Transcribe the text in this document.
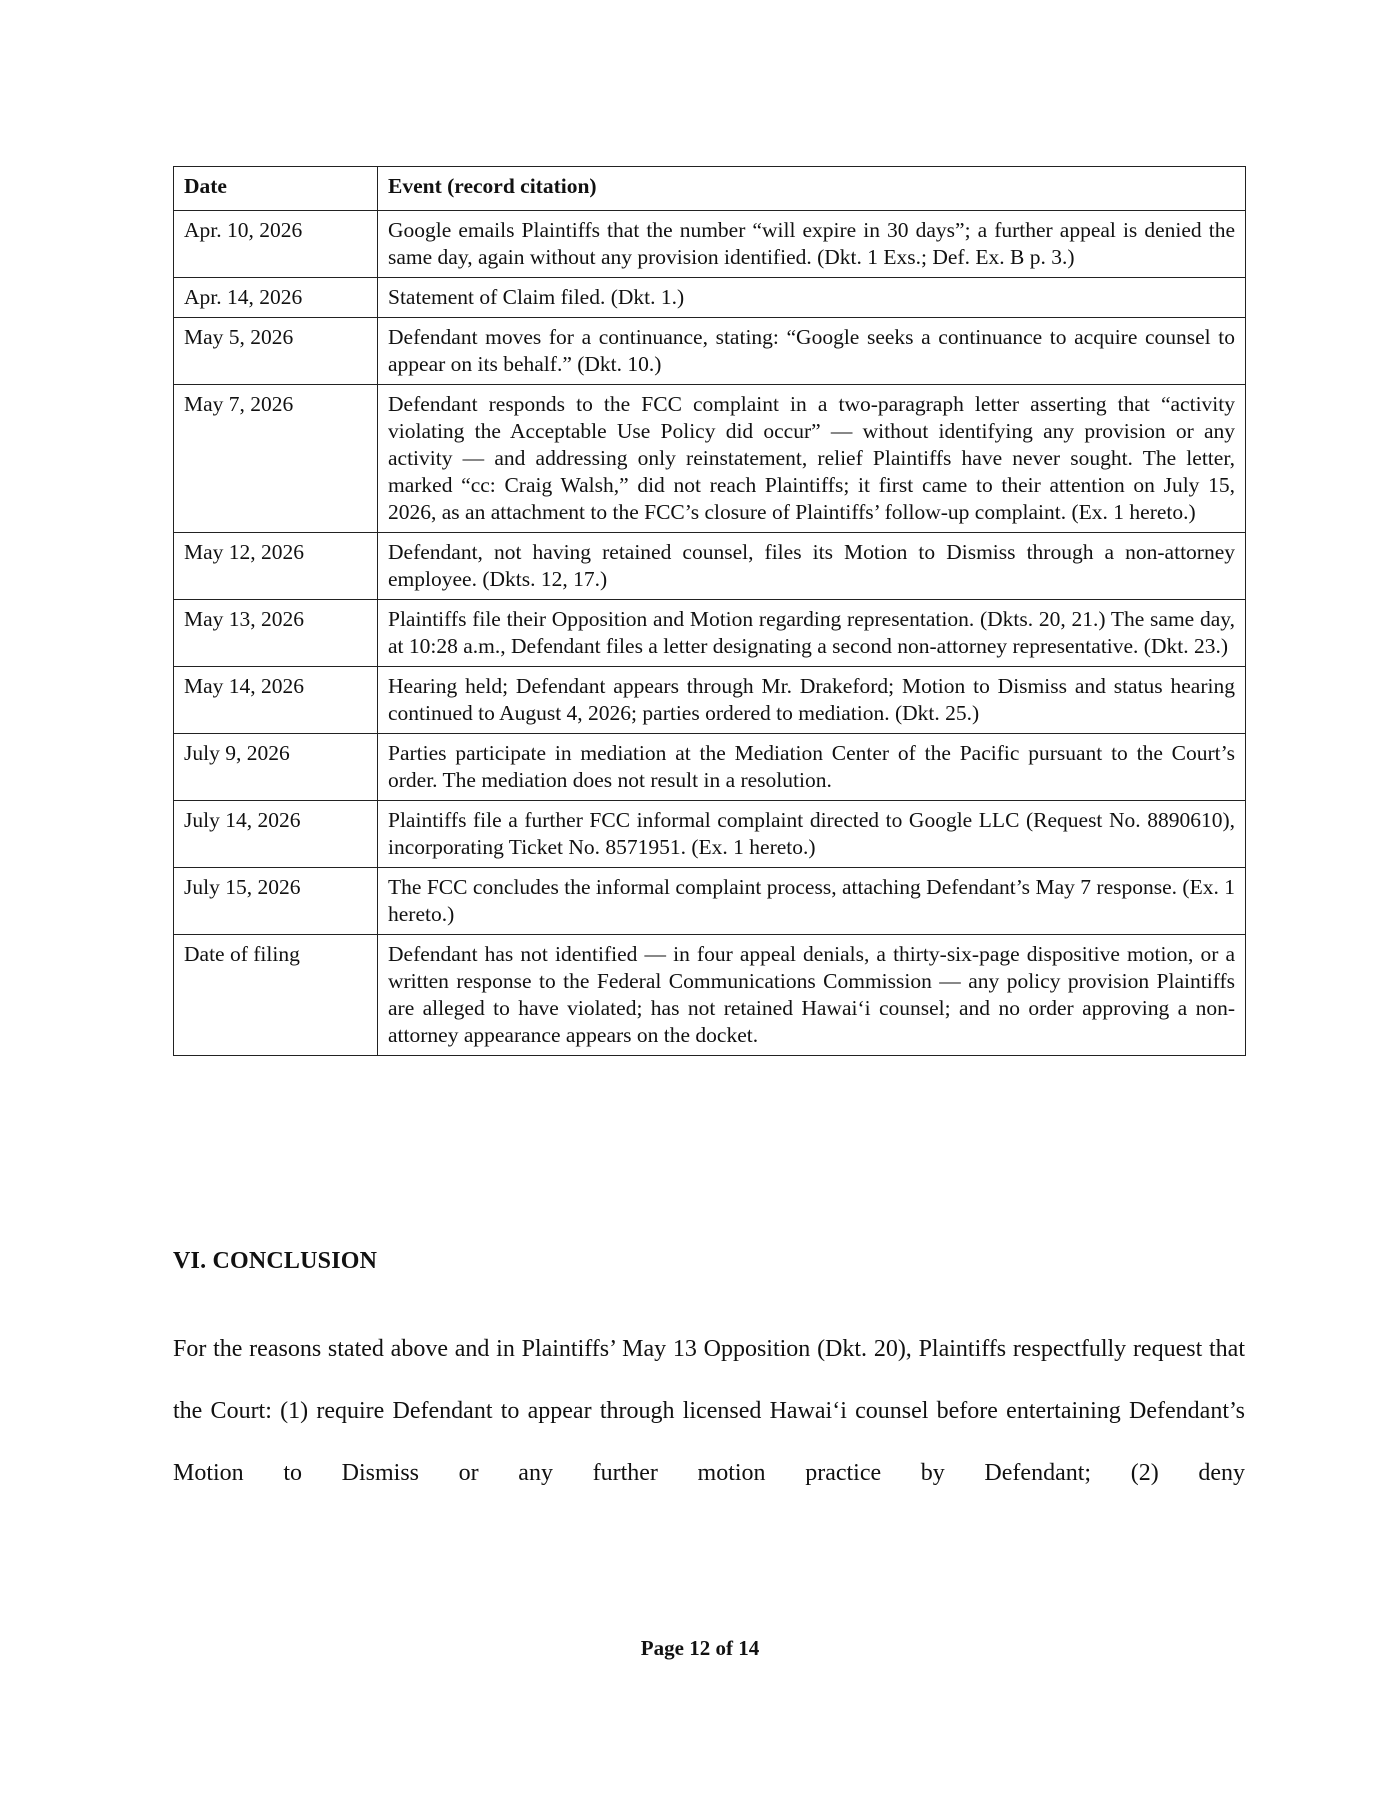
Date	Event (record citation)
Apr. 10, 2026	Google emails Plaintiffs that the number “will expire in 30 days”; a further appeal is denied the same day, again without any provision identified. (Dkt. 1 Exs.; Def. Ex. B p. 3.)
Apr. 14, 2026	Statement of Claim filed. (Dkt. 1.)
May 5, 2026	Defendant moves for a continuance, stating: “Google seeks a continuance to acquire counsel to appear on its behalf.” (Dkt. 10.)
May 7, 2026	Defendant responds to the FCC complaint in a two-paragraph letter asserting that “activity violating the Acceptable Use Policy did occur” — without identifying any provision or any activity — and addressing only reinstatement, relief Plaintiffs have never sought. The letter, marked “cc: Craig Walsh,” did not reach Plaintiffs; it first came to their attention on July 15, 2026, as an attachment to the FCC’s closure of Plaintiffs’ follow-up complaint. (Ex. 1 hereto.)
May 12, 2026	Defendant, not having retained counsel, files its Motion to Dismiss through a non-attorney employee. (Dkts. 12, 17.)
May 13, 2026	Plaintiffs file their Opposition and Motion regarding representation. (Dkts. 20, 21.) The same day, at 10:28 a.m., Defendant files a letter designating a second non-attorney representative. (Dkt. 23.)
May 14, 2026	Hearing held; Defendant appears through Mr. Drakeford; Motion to Dismiss and status hearing continued to August 4, 2026; parties ordered to mediation. (Dkt. 25.)
July 9, 2026	Parties participate in mediation at the Mediation Center of the Pacific pursuant to the Court’s order. The mediation does not result in a resolution.
July 14, 2026	Plaintiffs file a further FCC informal complaint directed to Google LLC (Request No. 8890610), incorporating Ticket No. 8571951. (Ex. 1 hereto.)
July 15, 2026	The FCC concludes the informal complaint process, attaching Defendant’s May 7 response. (Ex. 1 hereto.)
Date of filing	Defendant has not identified — in four appeal denials, a thirty-six-page dispositive motion, or a written response to the Federal Communications Commission — any policy provision Plaintiffs are alleged to have violated; has not retained Hawai‘i counsel; and no order approving a non-attorney appearance appears on the docket.
VI. CONCLUSION

For the reasons stated above and in Plaintiffs’ May 13 Opposition (Dkt. 20), Plaintiffs respectfully request that the Court: (1) require Defendant to appear through licensed Hawai‘i counsel before entertaining Defendant’s Motion to Dismiss or any further motion practice by Defendant; (2) deny

Page 12 of 14
